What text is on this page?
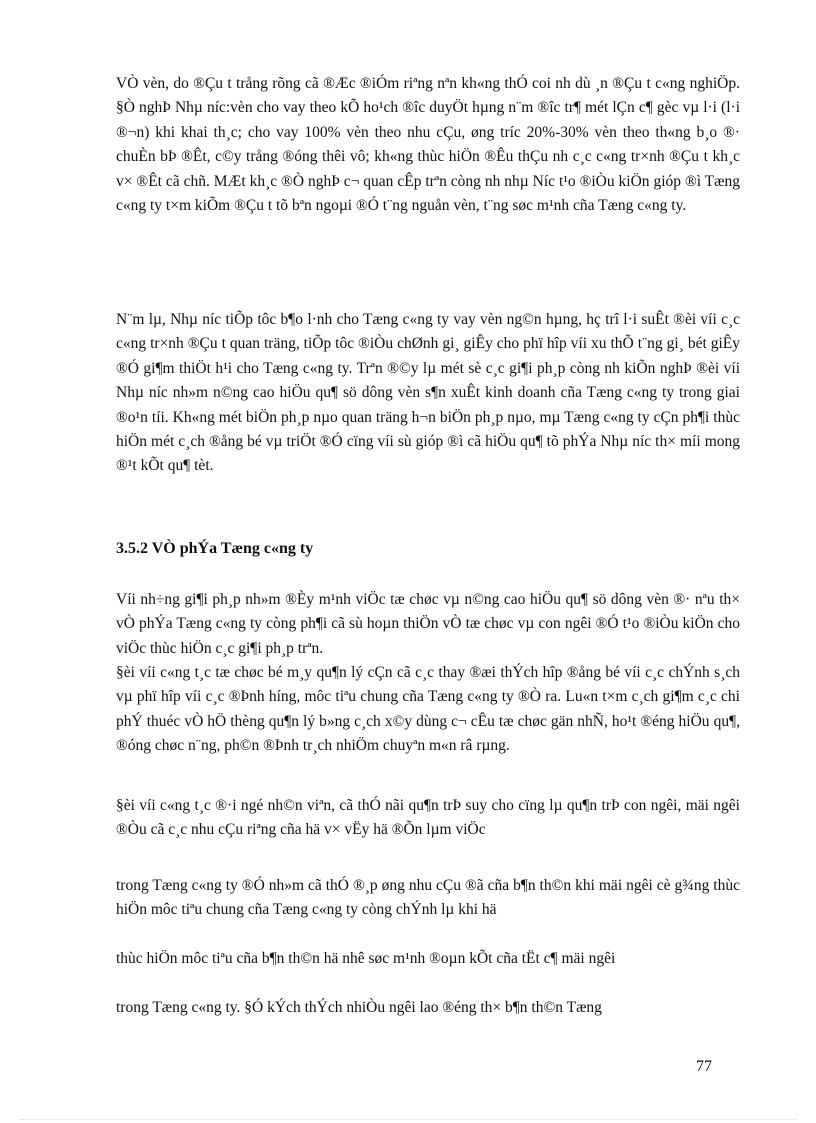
VÒ vèn, do ®Çu t trång rõng cã ®Æc ®iÓm riªng nªn kh«ng thÓ coi nh dù ¸n ®Çu t c«ng nghiÖp. §Ò nghÞ Nhµ níc:vèn cho vay theo kÕ ho¹ch ®îc duyÖt hµng n¨m ®îc tr¶ mét lÇn c¶ gèc vµ l·i (l·i ®¬n) khi khai th¸c; cho vay 100% vèn theo nhu cÇu, øng tríc 20%-30% vèn theo th«ng b¸o ®· chuÈn bÞ ®Êt, c©y trång ®óng thêi vô; kh«ng thùc hiÖn ®Êu thÇu nh c¸c c«ng tr×nh ®Çu t kh¸c v× ®Êt cã chñ. MÆt kh¸c ®Ò nghÞ c¬ quan cÊp trªn còng nh nhµ Níc t¹o ®iÒu kiÖn gióp ®ì Tæng c«ng ty t×m kiÕm ®Çu t tõ bªn ngoµi ®Ó t¨ng nguån vèn, t¨ng søc m¹nh cña Tæng c«ng ty.

N¨m lµ, Nhµ níc tiÕp tôc b¶o l·nh cho Tæng c«ng ty vay vèn ng©n hµng, hç trî l·i suÊt ®èi víi c¸c c«ng tr×nh ®Çu t quan träng, tiÕp tôc ®iÒu chØnh gi¸ giÊy cho phï hîp víi xu thÕ t¨ng gi¸ bét giÊy ®Ó gi¶m thiÖt h¹i cho Tæng c«ng ty. Trªn ®©y lµ mét sè c¸c gi¶i ph¸p còng nh kiÕn nghÞ ®èi víi Nhµ níc nh»m n©ng cao hiÖu qu¶ sö dông vèn s¶n xuÊt kinh doanh cña Tæng c«ng ty trong giai ®o¹n tíi. Kh«ng mét biÖn ph¸p nµo quan träng h¬n biÖn ph¸p nµo, mµ Tæng c«ng ty cÇn ph¶i thùc hiÖn mét c¸ch ®ång bé vµ triÖt ®Ó cïng víi sù gióp ®ì cã hiÖu qu¶ tõ phÝa Nhµ níc th× míi mong ®¹t kÕt qu¶ tèt.

3.5.2 VÒ phÝa Tæng c«ng ty

Víi nh÷ng gi¶i ph¸p nh»m ®Èy m¹nh viÖc tæ chøc vµ n©ng cao hiÖu qu¶ sö dông vèn ®· nªu th× vÒ phÝa Tæng c«ng ty còng ph¶i cã sù hoµn thiÖn vÒ tæ chøc vµ con ngêi ®Ó t¹o ®iÒu kiÖn cho viÖc thùc hiÖn c¸c gi¶i ph¸p trªn.

§èi víi c«ng t¸c tæ chøc bé m¸y qu¶n lý cÇn cã c¸c thay ®æi thÝch hîp ®ång bé víi c¸c chÝnh s¸ch vµ phï hîp víi c¸c ®Þnh híng, môc tiªu chung cña Tæng c«ng ty ®Ò ra. Lu«n t×m c¸ch gi¶m c¸c chi phÝ thuéc vÒ hÖ thèng qu¶n lý b»ng c¸ch x©y dùng c¬ cÊu tæ chøc gän nhÑ, ho¹t ®éng hiÖu qu¶, ®óng chøc n¨ng, ph©n ®Þnh tr¸ch nhiÖm chuyªn m«n râ rµng.

§èi víi c«ng t¸c ®·i ngé nh©n viªn, cã thÓ nãi qu¶n trÞ suy cho cïng lµ qu¶n trÞ con ngêi, mäi ngêi ®Òu cã c¸c nhu cÇu riªng cña hä v× vËy hä ®Õn lµm viÖc

trong Tæng c«ng ty ®Ó nh»m cã thÓ ®¸p øng nhu cÇu ®ã cña b¶n th©n khi mäi ngêi cè g¾ng thùc hiÖn môc tiªu chung cña Tæng c«ng ty còng chÝnh lµ khi hä

thùc hiÖn môc tiªu cña b¶n th©n hä nhê søc m¹nh ®oµn kÕt cña tËt c¶ mäi ngêi

trong Tæng c«ng ty. §Ó kÝch thÝch nhiÒu ngêi lao ®éng th× b¶n th©n Tæng

77
